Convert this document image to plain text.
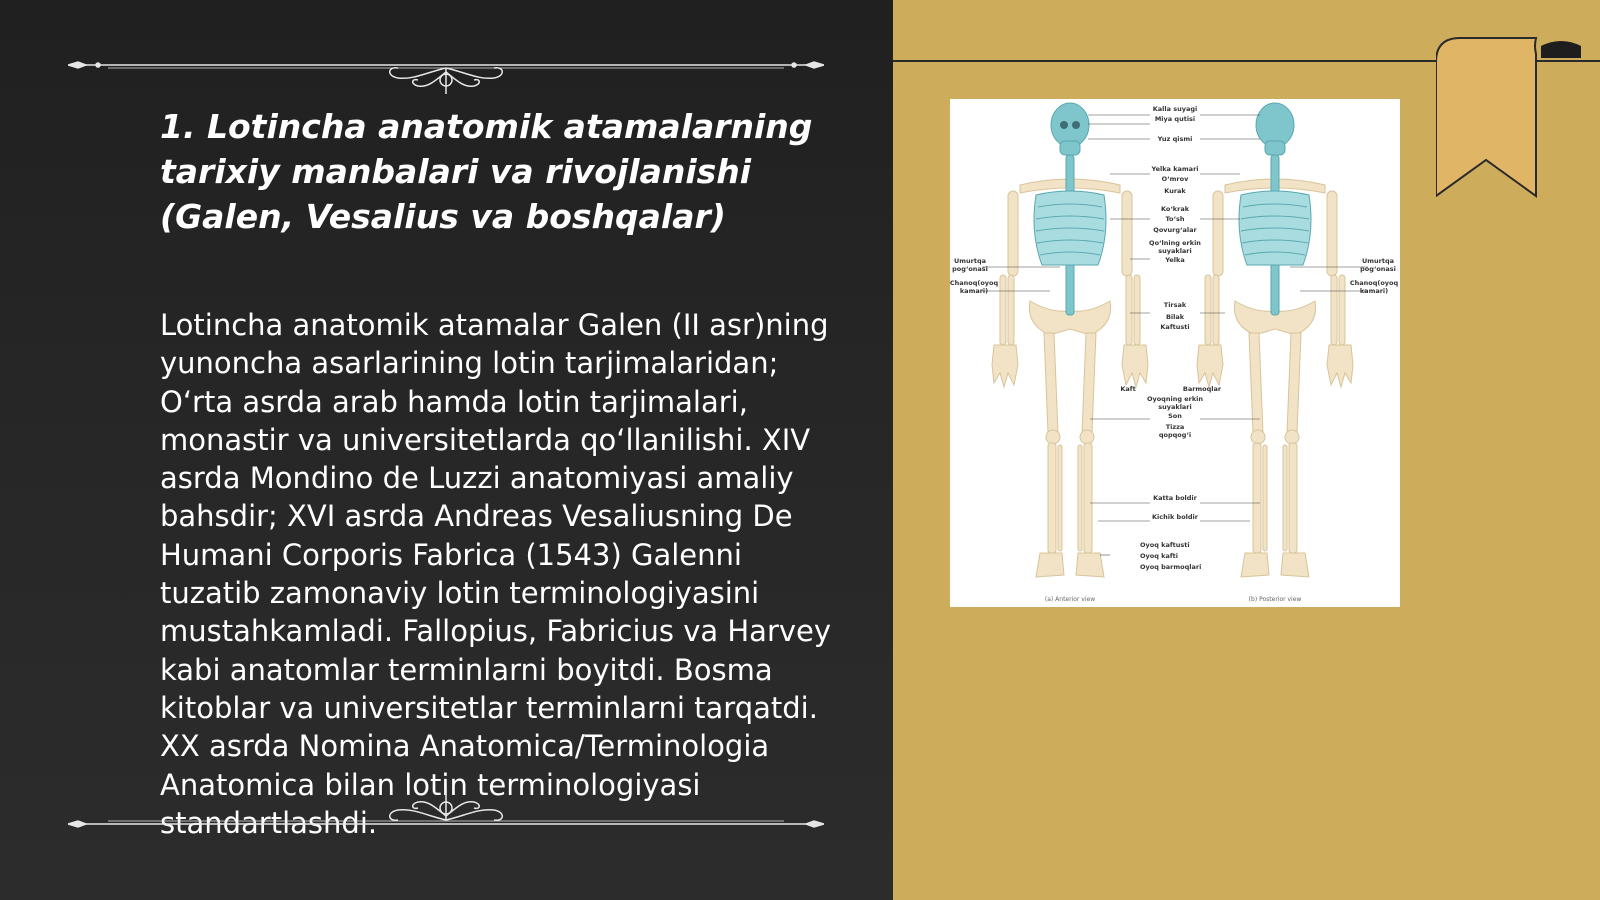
1. Lotincha anatomik atamalarning tarixiy manbalari va rivojlanishi (Galen, Vesalius va boshqalar)

Lotincha anatomik atamalar Galen (II asr)ning yunoncha asarlarining lotin tarjimalaridan; O‘rta asrda arab hamda lotin tarjimalari, monastir va universitetlarda qo‘llanilishi. XIV asrda Mondino de Luzzi anatomiyasi amaliy bahsdir; XVI asrda Andreas Vesaliusning De Humani Corporis Fabrica (1543) Galenni tuzatib zamonaviy lotin terminologiyasini mustahkamladi. Fallopius, Fabricius va Harvey kabi anatomlar terminlarni boyitdi. Bosma kitoblar va universitetlar terminlarni tarqatdi. XX asrda Nomina Anatomica/Terminologia Anatomica bilan lotin terminologiyasi standartlashdi.

Kalla suyagi
Miya qutisi
Yuz qismi
Yelka kamari
O‘mrov
Kurak
Ko‘krak
To‘sh
Qovurg‘alar
Qo‘lning erkin
suyaklari
Yelka
Tirsak
Bilak
Kaftusti
Kaft	Barmoqlar
Oyoqning erkin
suyaklari
Son
Tizza
qopqog‘i
Katta boldir
Kichik boldir
Oyoq kaftusti
Oyoq kafti
Oyoq barmoqlari
Umurtqa
pog‘onasi
Chanoq(oyoq
kamari)
Umurtqa
pog‘onasi
Chanoq(oyoq
kamari)
(a) Anterior view	(b) Posterior view
